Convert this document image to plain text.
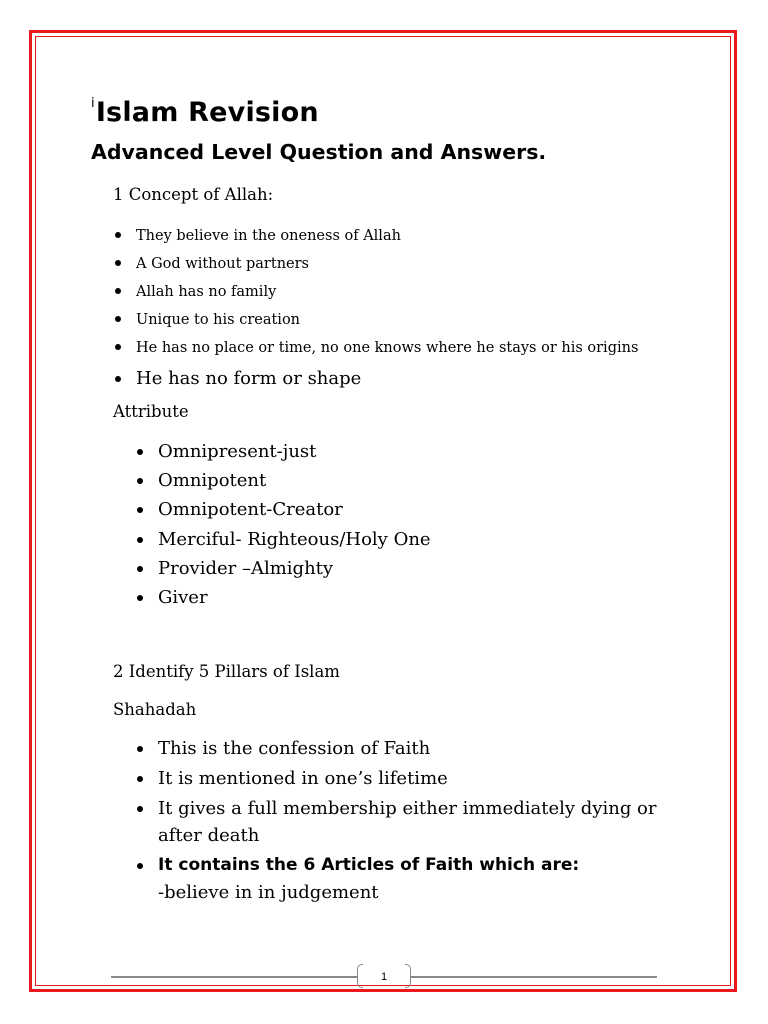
$^i$Islam Revision
Advanced Level Question and Answers.
1 Concept of Allah:
They believe in the oneness of Allah
A God without partners
Allah has no family
Unique to his creation
He has no place or time, no one knows where he stays or his origins
He has no form or shape
Attribute
Omnipresent-just
Omnipotent
Omnipotent-Creator
Merciful- Righteous/Holy One
Provider –Almighty
Giver
2 Identify 5 Pillars of Islam
Shahadah
This is the confession of Faith
It is mentioned in one’s lifetime
It gives a full membership either immediately dying or after death
It contains the 6 Articles of Faith which are:
-believe in in judgement
1
